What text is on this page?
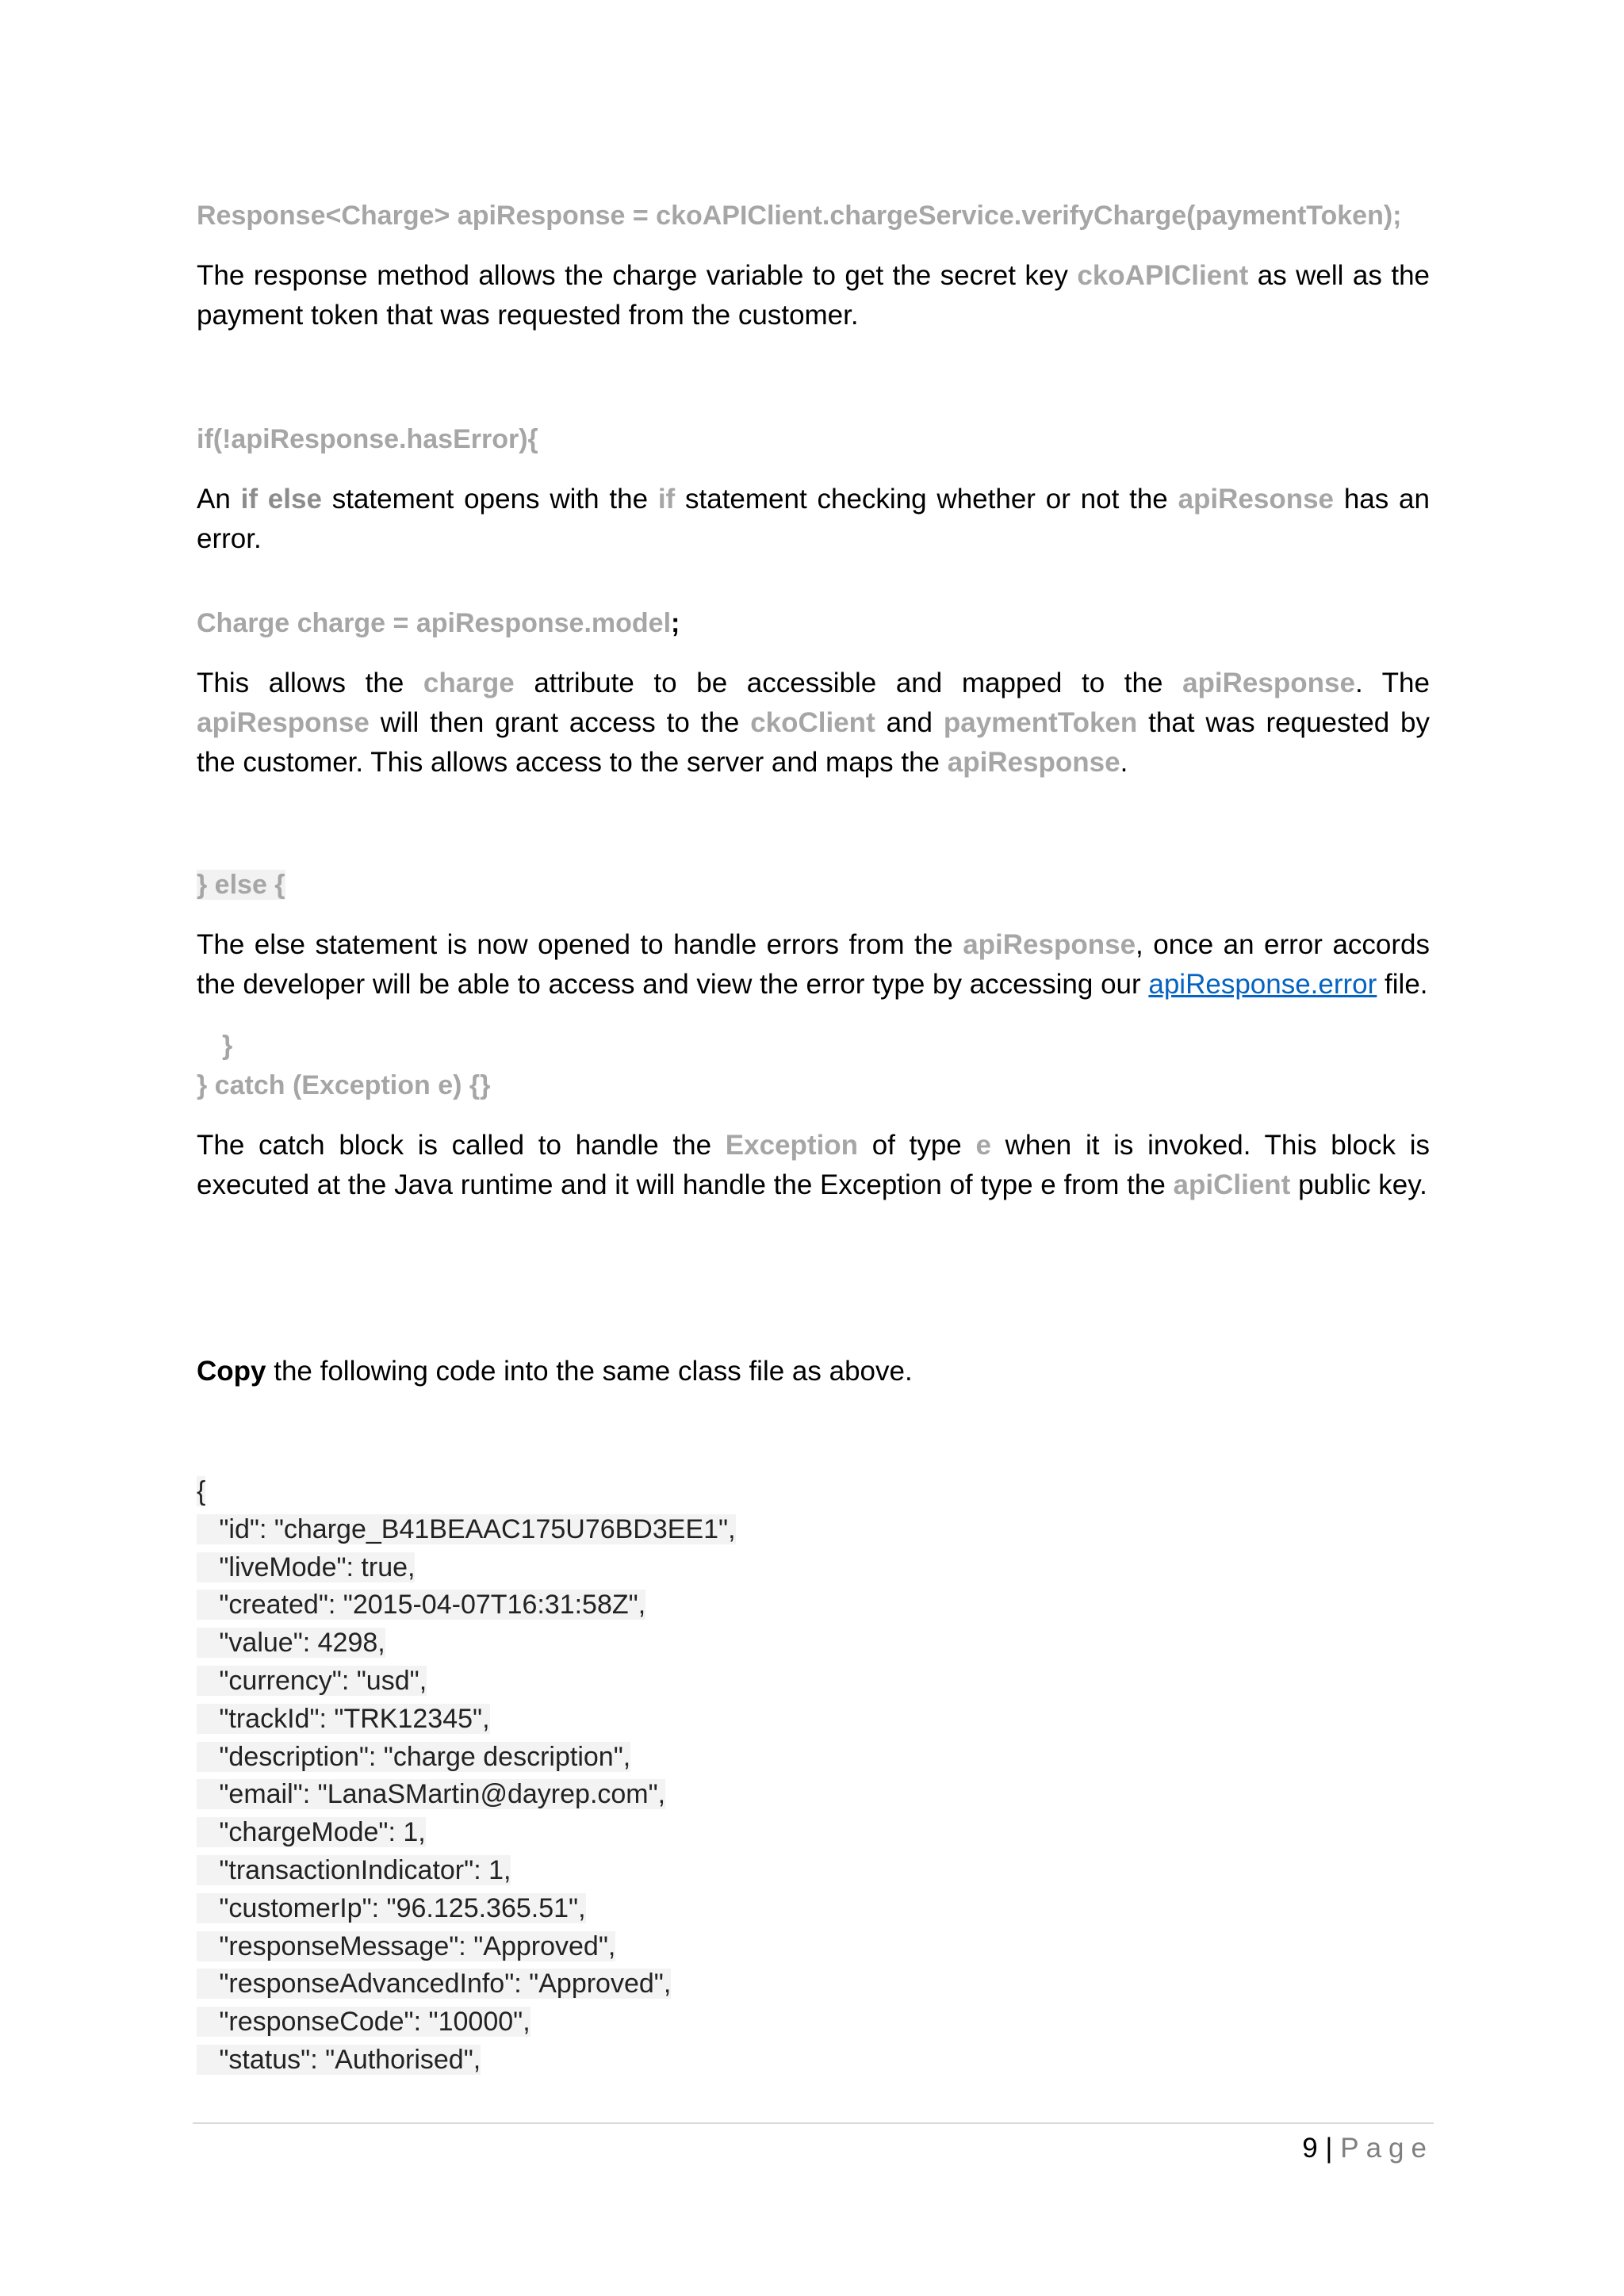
Response<Charge> apiResponse = ckoAPIClient.chargeService.verifyCharge(paymentToken);
The response method allows the charge variable to get the secret key ckoAPIClient as well as the payment token that was requested from the customer.
if(!apiResponse.hasError){
An if else statement opens with the if statement checking whether or not the apiResonse has an error.
Charge charge = apiResponse.model;
This allows the charge attribute to be accessible and mapped to the apiResponse. The apiResponse will then grant access to the ckoClient and paymentToken that was requested by the customer. This allows access to the server and maps the apiResponse.
} else {
The else statement is now opened to handle errors from the apiResponse, once an error accords the developer will be able to access and view the error type by accessing our apiResponse.error file.
}
} catch (Exception e) {}
The catch block is called to handle the Exception of type e when it is invoked. This block is executed at the Java runtime and it will handle the Exception of type e from the apiClient public key.
Copy the following code into the same class file as above.
{
"id": "charge_B41BEAAC175U76BD3EE1",
"liveMode": true,
"created": "2015-04-07T16:31:58Z",
"value": 4298,
"currency": "usd",
"trackId": "TRK12345",
"description": "charge description",
"email": "LanaSMartin@dayrep.com",
"chargeMode": 1,
"transactionIndicator": 1,
"customerIp": "96.125.365.51",
"responseMessage": "Approved",
"responseAdvancedInfo": "Approved",
"responseCode": "10000",
"status": "Authorised",
9 | Page
